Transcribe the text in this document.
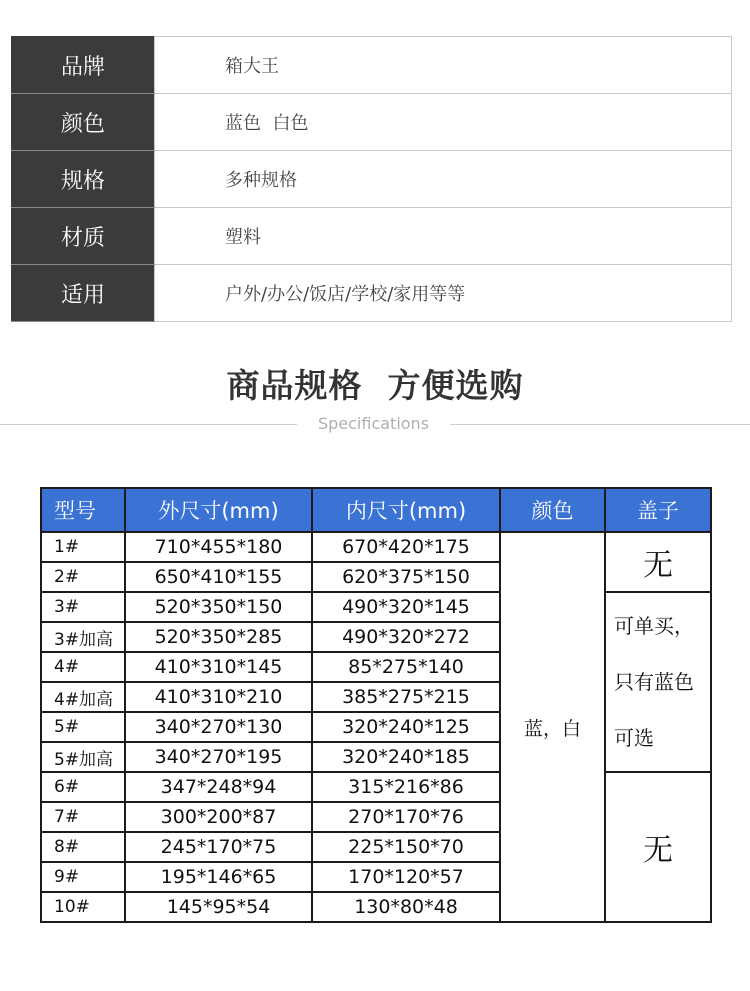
品牌	箱大王
颜色	蓝色  白色
规格	多种规格
材质	塑料
适用	户外/办公/饭店/学校/家用等等
商品规格  方便选购
Specifications
型号	外尺寸(mm)	内尺寸(mm)	颜色	盖子
1#	710*455*180	670*420*175	蓝，白	无
2#	650*410*155	620*375*150		
3#	520*350*150	490*320*145		可单买，
只有蓝色
可选

3#加高	520*350*285	490*320*272		
4#	410*310*145	85*275*140		
4#加高	410*310*210	385*275*215		
5#	340*270*130	320*240*125		
5#加高	340*270*195	320*240*185		
6#	347*248*94	315*216*86		无
7#	300*200*87	270*170*76		
8#	245*170*75	225*150*70		
9#	195*146*65	170*120*57		
10#	145*95*54	130*80*48		
